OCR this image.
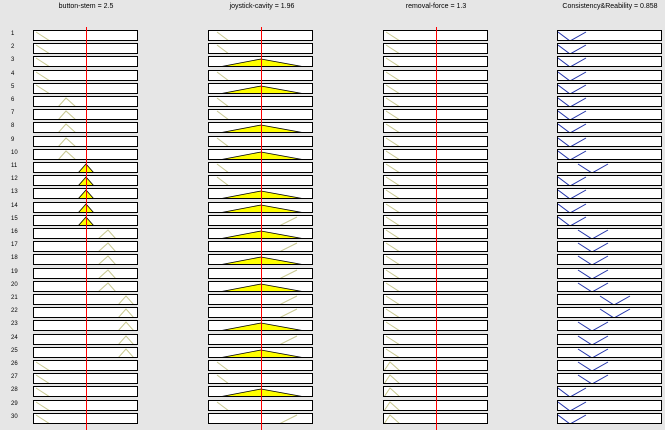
button-stem = 2.5	joystick-cavity = 1.96	removal-force = 1.3	Consistency&Reability = 0.858
1
2
3
4
5
6
7
8
9
10
11
12
13
14
15
16
17
18
19
20
21
22
23
24
25
26
27
28
29
30
